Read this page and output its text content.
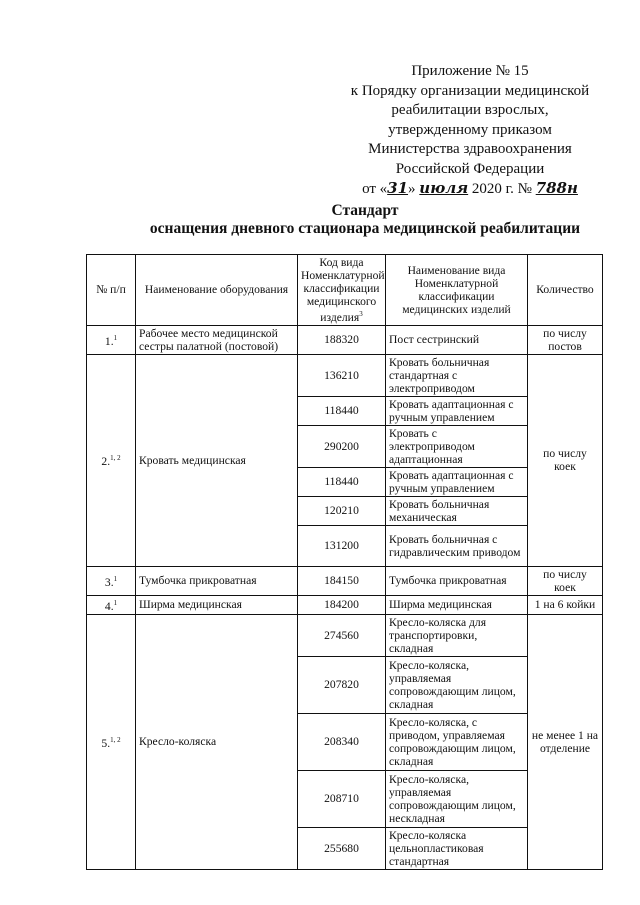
Приложение № 15
к Порядку организации медицинской
реабилитации взрослых,
утвержденному приказом
Министерства здравоохранения
Российской Федерации
от «31» июля 2020 г. № 788н
Стандарт
оснащения дневного стационара медицинской реабилитации
№ п/п	Наименование оборудования	Код вида Номенклатурной классификации медицинского изделия$^3$	Наименование вида Номенклатурной классификации медицинских изделий	Количество
1.$^1$	Рабочее место медицинской сестры палатной (постовой)	188320	Пост сестринский	по числу постов
2.$^{1, 2}$	Кровать медицинская	136210	Кровать больничная стандартная с электроприводом	по числу коек
		118440	Кровать адаптационная с ручным управлением	
		290200	Кровать с электроприводом адаптационная	
		118440	Кровать адаптационная с ручным управлением	
		120210	Кровать больничная механическая	
		131200	Кровать больничная с гидравлическим приводом	
3.$^1$	Тумбочка прикроватная	184150	Тумбочка прикроватная	по числу коек
4.$^1$	Ширма медицинская	184200	Ширма медицинская	1 на 6 койки
5.$^{1, 2}$	Кресло-коляска	274560	Кресло-коляска для транспортировки, складная	не менее 1 на отделение
		207820	Кресло-коляска, управляемая сопровождающим лицом, складная	
		208340	Кресло-коляска, с приводом, управляемая сопровождающим лицом, складная	
		208710	Кресло-коляска, управляемая сопровождающим лицом, нескладная	
		255680	Кресло-коляска цельнопластиковая стандартная	
